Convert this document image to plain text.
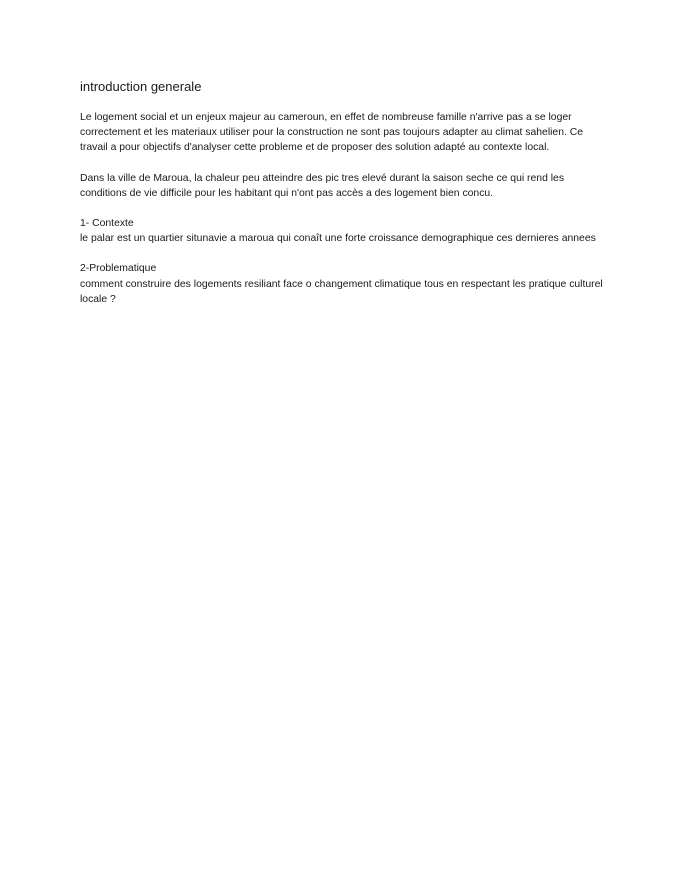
introduction generale

Le logement social et un enjeux majeur au cameroun, en effet de nombreuse famille n'arrive pas a se loger correctement et les materiaux utiliser pour la construction ne sont pas toujours adapter au climat sahelien. Ce travail a pour objectifs d'analyser cette probleme et de proposer des solution adapté au contexte local.

Dans la ville de Maroua, la chaleur peu atteindre des pic tres elevé durant la saison seche ce qui rend les conditions de vie difficile pour les habitant qui n'ont pas accès a des logement bien concu.

1- Contexte
le palar est un quartier situnavie a maroua qui conaît une forte croissance demographique ces dernieres annees
2-Problematique
comment construire des logements resiliant face o changement climatique tous en respectant les pratique culturel locale ?
